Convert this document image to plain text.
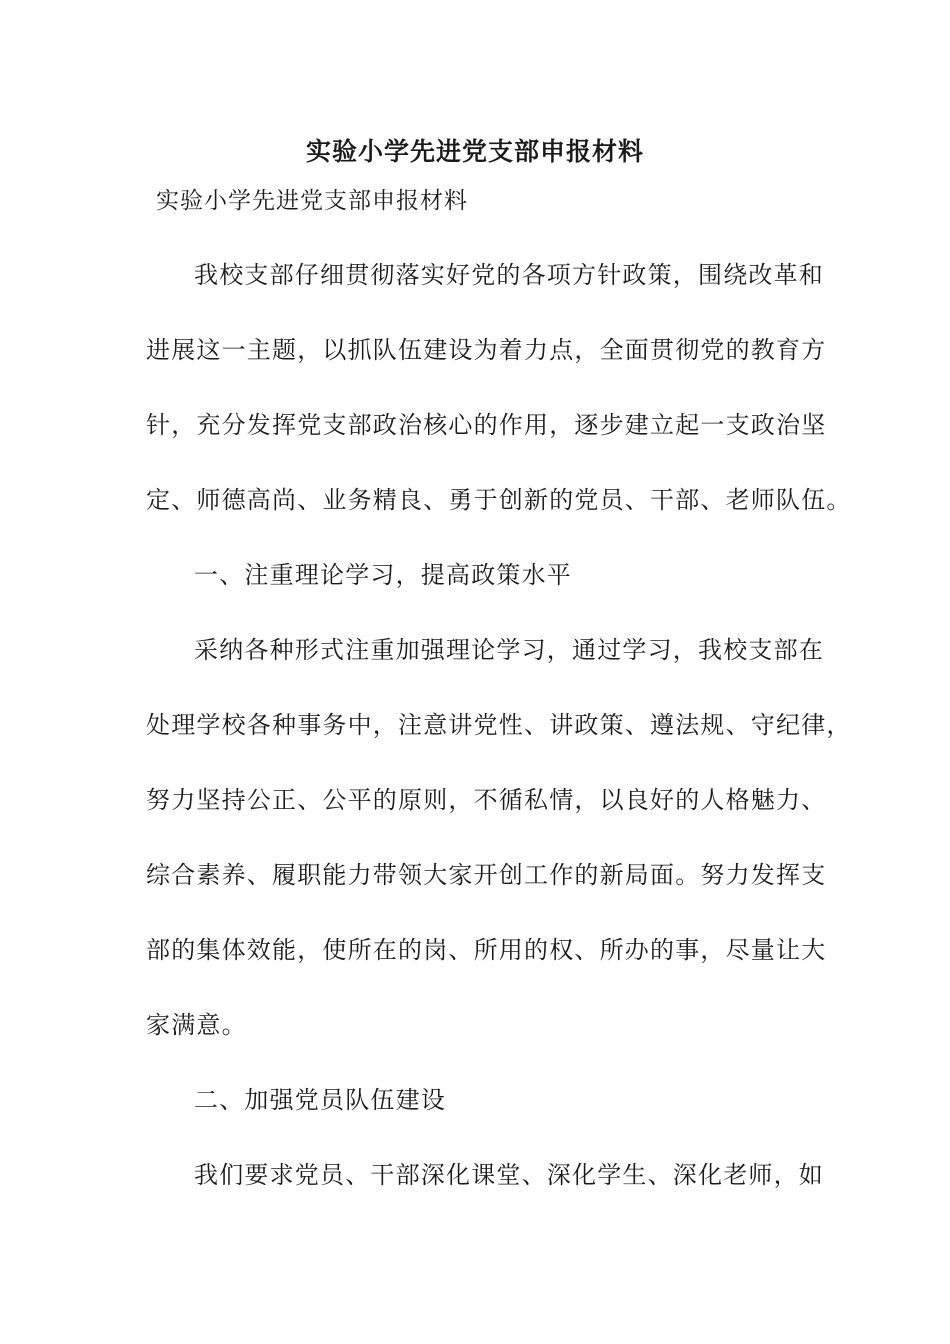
实验小学先进党支部申报材料

实验小学先进党支部申报材料

我校支部仔细贯彻落实好党的各项方针政策，围绕改革和
进展这一主题，以抓队伍建设为着力点，全面贯彻党的教育方
针，充分发挥党支部政治核心的作用，逐步建立起一支政治坚
定、师德高尚、业务精良、勇于创新的党员、干部、老师队伍。
一、注重理论学习，提高政策水平
采纳各种形式注重加强理论学习，通过学习，我校支部在
处理学校各种事务中，注意讲党性、讲政策、遵法规、守纪律，
努力坚持公正、公平的原则，不循私情，以良好的人格魅力、
综合素养、履职能力带领大家开创工作的新局面。努力发挥支
部的集体效能，使所在的岗、所用的权、所办的事，尽量让大
家满意。
二、加强党员队伍建设
我们要求党员、干部深化课堂、深化学生、深化老师，如
